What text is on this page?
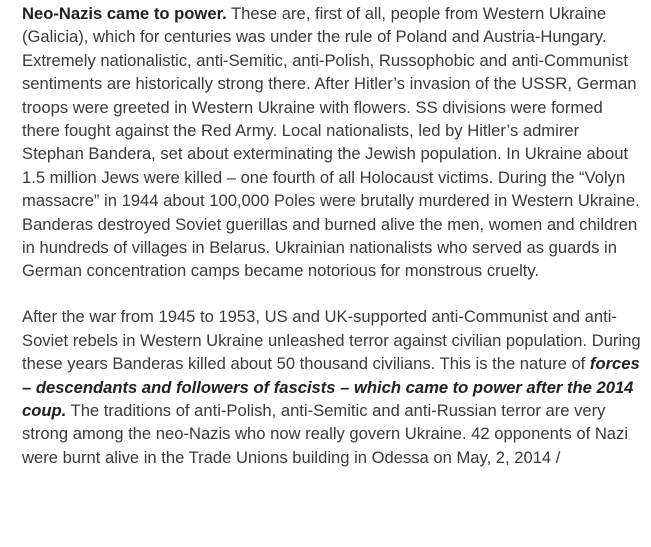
Neo-Nazis came to power. These are, first of all, people from Western Ukraine (Galicia), which for centuries was under the rule of Poland and Austria-Hungary. Extremely nationalistic, anti-Semitic, anti-Polish, Russophobic and anti-Communist sentiments are historically strong there. After Hitler’s invasion of the USSR, German troops were greeted in Western Ukraine with flowers. SS divisions were formed there fought against the Red Army. Local nationalists, led by Hitler’s admirer Stephan Bandera, set about exterminating the Jewish population. In Ukraine about 1.5 million Jews were killed – one fourth of all Holocaust victims. During the “Volyn massacre” in 1944 about 100,000 Poles were brutally murdered in Western Ukraine. Banderas destroyed Soviet guerillas and burned alive the men, women and children in hundreds of villages in Belarus. Ukrainian nationalists who served as guards in German concentration camps became notorious for monstrous cruelty.

After the war from 1945 to 1953, US and UK-supported anti-Communist and anti-Soviet rebels in Western Ukraine unleashed terror against civilian population. During these years Banderas killed about 50 thousand civilians. This is the nature of forces – descendants and followers of fascists – which came to power after the 2014 coup. The traditions of anti-Polish, anti-Semitic and anti-Russian terror are very strong among the neo-Nazis who now really govern Ukraine. 42 opponents of Nazi were burnt alive in the Trade Unions building in Odessa on May, 2, 2014 /
